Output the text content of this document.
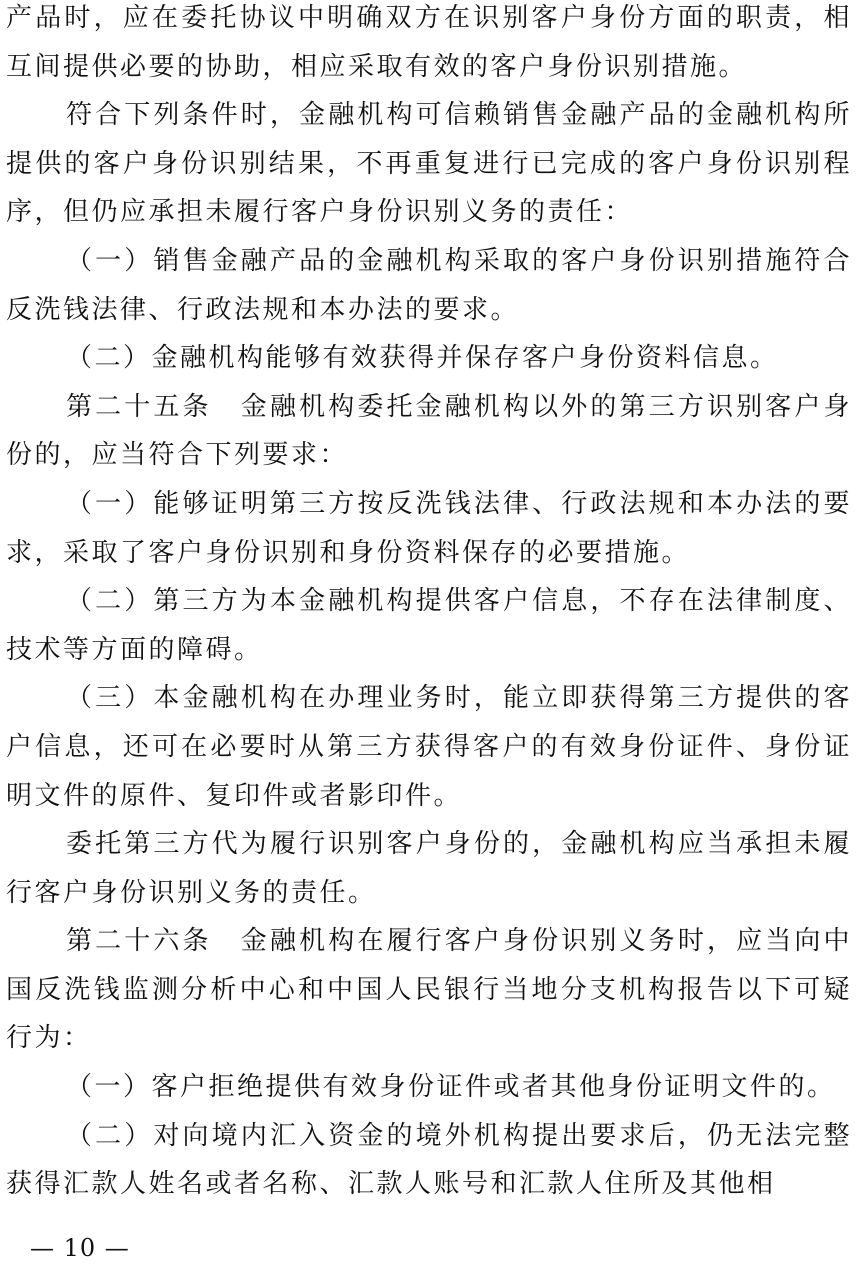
产品时，应在委托协议中明确双方在识别客户身份方面的职责，相互间提供必要的协助，相应采取有效的客户身份识别措施。

符合下列条件时，金融机构可信赖销售金融产品的金融机构所提供的客户身份识别结果，不再重复进行已完成的客户身份识别程序，但仍应承担未履行客户身份识别义务的责任：

（一）销售金融产品的金融机构采取的客户身份识别措施符合反洗钱法律、行政法规和本办法的要求。

（二）金融机构能够有效获得并保存客户身份资料信息。

第二十五条　金融机构委托金融机构以外的第三方识别客户身份的，应当符合下列要求：

（一）能够证明第三方按反洗钱法律、行政法规和本办法的要求，采取了客户身份识别和身份资料保存的必要措施。

（二）第三方为本金融机构提供客户信息，不存在法律制度、技术等方面的障碍。

（三）本金融机构在办理业务时，能立即获得第三方提供的客户信息，还可在必要时从第三方获得客户的有效身份证件、身份证明文件的原件、复印件或者影印件。

委托第三方代为履行识别客户身份的，金融机构应当承担未履行客户身份识别义务的责任。

第二十六条　金融机构在履行客户身份识别义务时，应当向中国反洗钱监测分析中心和中国人民银行当地分支机构报告以下可疑行为：

（一）客户拒绝提供有效身份证件或者其他身份证明文件的。

（二）对向境内汇入资金的境外机构提出要求后，仍无法完整获得汇款人姓名或者名称、汇款人账号和汇款人住所及其他相

— 10 —
